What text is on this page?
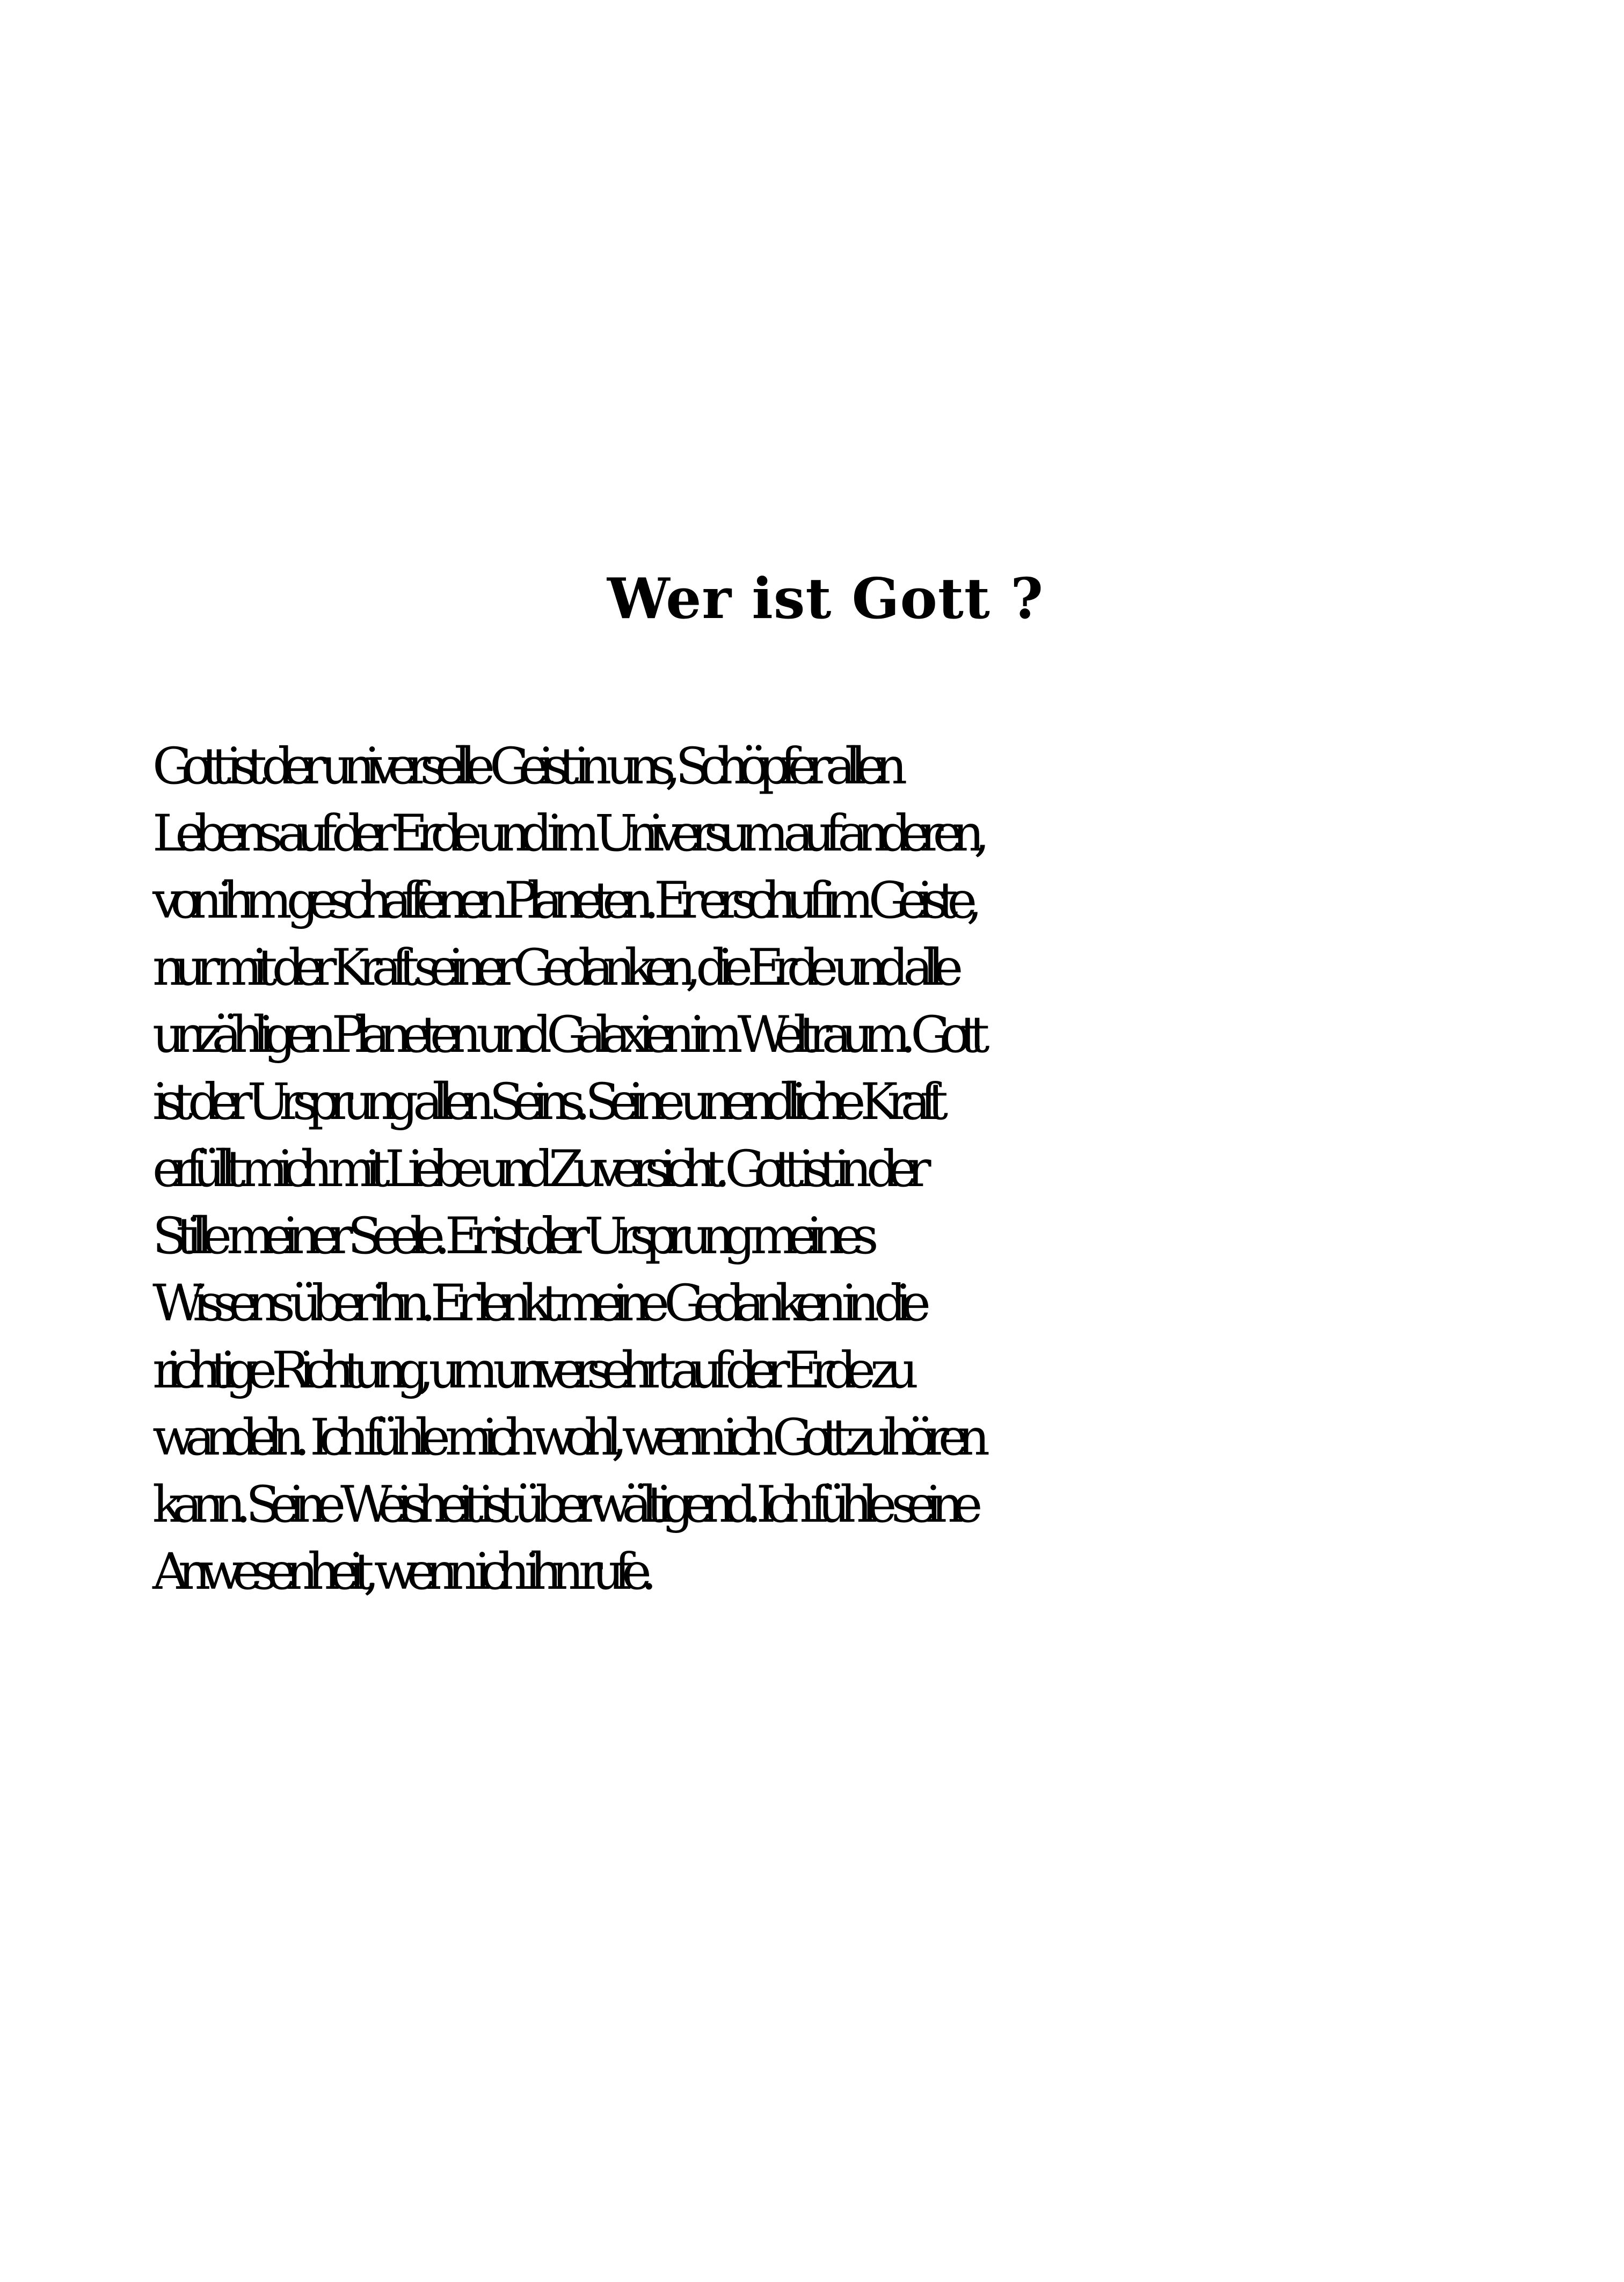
Wer ist Gott ?

Gott ist der universelle Geist in uns, Schöpfer allen
Lebens auf der Erde und im Universum auf anderen,
von ihm geschaffenen Planeten. Er erschuf im Geiste,
nur mit der Kraft seiner Gedanken, die Erde und alle
unzähligen Planeten und Galaxien im Weltraum. Gott
ist der Ursprung allen Seins. Seine unendliche Kraft
erfüllt mich mit Liebe und Zuversicht. Gott ist in der
Stille meiner Seele. Er ist der Ursprung meines
Wissens über ihn. Er lenkt meine Gedanken in die
richtige Richtung, um unversehrt auf der Erde zu
wandeln.  Ich fühle mich wohl, wenn ich Gott zuhören
kann. Seine Weisheit ist überwältigend. Ich fühle seine
Anwesenheit, wenn ich ihn rufe.
